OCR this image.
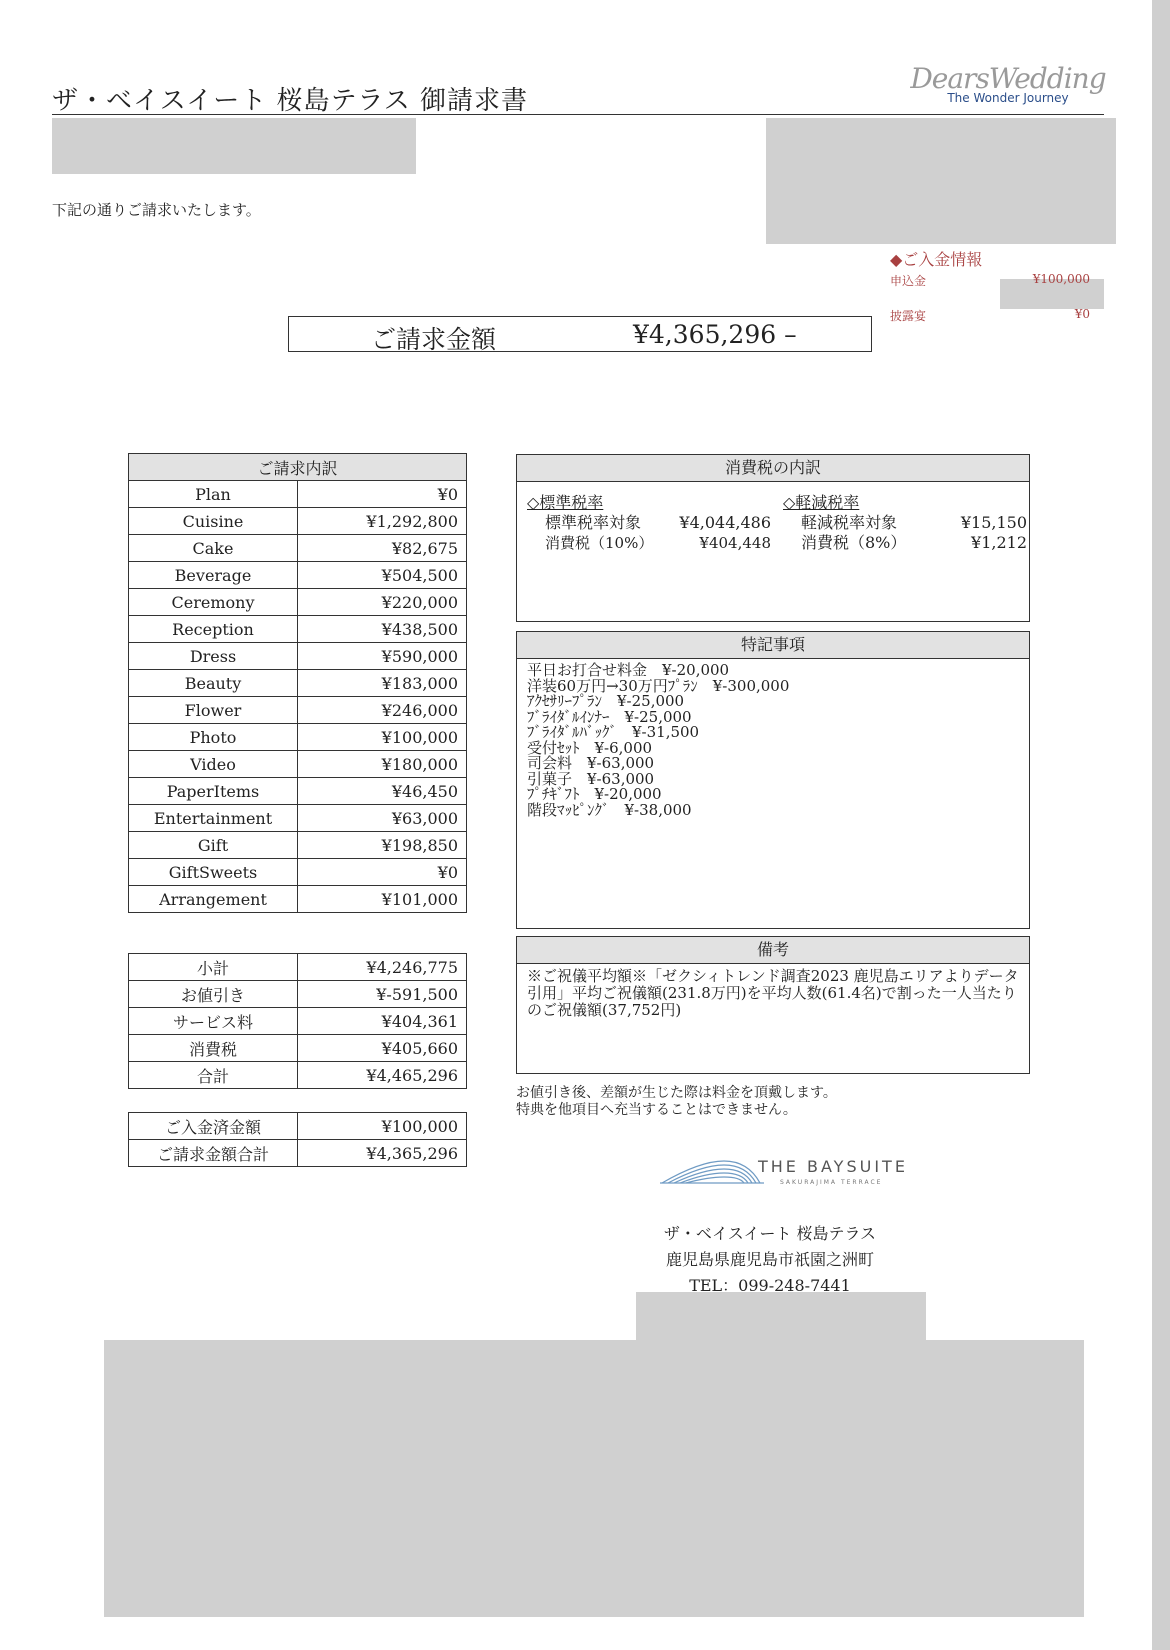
ザ・ベイスイート 桜島テラス 御請求書
DearsWedding
The Wonder Journey
下記の通りご請求いたします。
◆ご入金情報
申込金	¥100,000
披露宴	¥0
ご請求金額	¥4,365,296 –
ご請求内訳	
Plan	¥0
Cuisine	¥1,292,800
Cake	¥82,675
Beverage	¥504,500
Ceremony	¥220,000
Reception	¥438,500
Dress	¥590,000
Beauty	¥183,000
Flower	¥246,000
Photo	¥100,000
Video	¥180,000
PaperItems	¥46,450
Entertainment	¥63,000
Gift	¥198,850
GiftSweets	¥0
Arrangement	¥101,000
小計	¥4,246,775
お値引き	¥-591,500
サービス料	¥404,361
消費税	¥405,660
合計	¥4,465,296
ご入金済金額	¥100,000
ご請求金額合計	¥4,365,296
消費税の内訳
◇標準税率
標準税率対象 ¥4,044,486
消費税（10%）	¥404,448
◇軽減税率
軽減税率対象	¥15,150
消費税（8%）	¥1,212
特記事項
平日お打合せ料金　¥-20,000
洋装60万円→30万円ﾌﾟﾗﾝ　¥-300,000
ｱｸｾｻﾘｰﾌﾟﾗﾝ　¥-25,000
ﾌﾞﾗｲﾀﾞﾙｲﾝﾅｰ　¥-25,000
ﾌﾞﾗｲﾀﾞﾙﾊﾞｯｸﾞ　¥-31,500
受付ｾｯﾄ　¥-6,000
司会料　¥-63,000
引菓子　¥-63,000
ﾌﾟﾁｷﾞﾌﾄ　¥-20,000
階段ﾏｯﾋﾟﾝｸﾞ　¥-38,000
備考
※ご祝儀平均額※「ゼクシィトレンド調査2023 鹿児島エリアよりデータ引用」平均ご祝儀額(231.8万円)を平均人数(61.4名)で割った一人当たりのご祝儀額(37,752円)
お値引き後、差額が生じた際は料金を頂戴します。
特典を他項目へ充当することはできません。
THE BAYSUITE
SAKURAJIMA TERRACE
ザ・ベイスイート 桜島テラス
鹿児島県鹿児島市祇園之洲町
TEL：099-248-7441
